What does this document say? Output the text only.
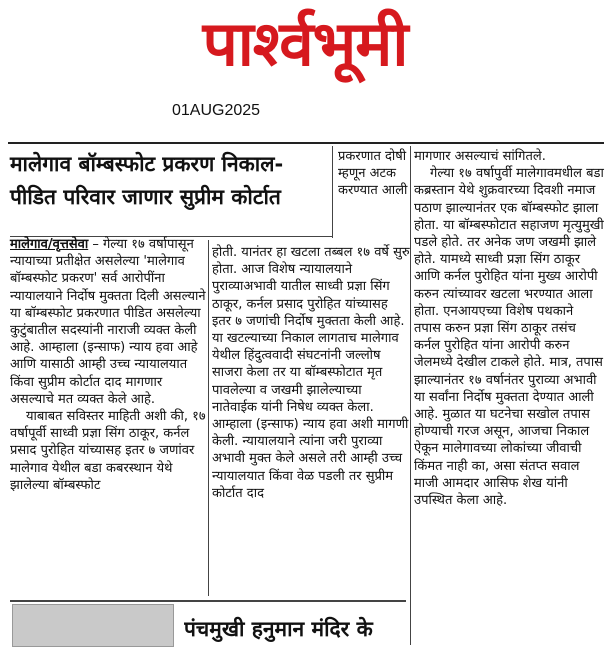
पार्श्वभूमी
01AUG2025
मालेगाव बॉम्बस्फोट प्रकरण निकाल-
पीडित परिवार जाणार सुप्रीम कोर्टात

मालेगाव/वृत्तसेवा – गेल्या १७ वर्षापासून न्यायाच्या प्रतीक्षेत असलेल्या 'मालेगाव बॉम्बस्फोट प्रकरण' सर्व आरोपींना न्यायालयाने निर्दोष मुक्तता दिली असल्याने या बॉम्बस्फोट प्रकरणात पीडित असलेल्या कुटुंबातील सदस्यांनी नाराजी व्यक्त केली आहे. आम्हाला (इन्साफ) न्याय हवा आहे आणि यासाठी आम्ही उच्च न्यायालयात किंवा सुप्रीम कोर्टात दाद मागणार असल्याचे मत व्यक्त केले आहे.

याबाबत सविस्तर माहिती अशी की, १७ वर्षापूर्वी साध्वी प्रज्ञा सिंग ठाकूर, कर्नल प्रसाद पुरोहित यांच्यासह इतर ७ जणांवर मालेगाव येथील बडा कबरस्थान येथे झालेल्या बॉम्बस्फोट

प्रकरणात दोषी म्हणून अटक करण्यात आली

होती. यानंतर हा खटला तब्बल १७ वर्षे सुरु होता. आज विशेष न्यायालयाने पुराव्याअभावी यातील साध्वी प्रज्ञा सिंग ठाकूर, कर्नल प्रसाद पुरोहित यांच्यासह इतर ७ जणांची निर्दोष मुक्तता केली आहे. या खटल्याच्या निकाल लागताच मालेगाव येथील हिंदुत्ववादी संघटनांनी जल्लोष साजरा केला तर या बॉम्बस्फोटात मृत पावलेल्या व जखमी झालेल्याच्या नातेवाईक यांनी निषेध व्यक्त केला. आम्हाला (इन्साफ) न्याय हवा अशी मागणी केली. न्यायालयाने त्यांना जरी पुराव्या अभावी मुक्त केले असले तरी आम्ही उच्च न्यायालयात किंवा वेळ पडली तर सुप्रीम कोर्टात दाद

मागणार असल्याचं सांगितले.

गेल्या १७ वर्षापुर्वी मालेगावमधील बडा कब्रस्तान येथे शुक्रवारच्या दिवशी नमाज पठाण झाल्यानंतर एक बॉम्बस्फोट झाला होता. या बॉम्बस्फोटात सहाजण मृत्युमुखी पडले होते. तर अनेक जण जखमी झाले होते. यामध्ये साध्वी प्रज्ञा सिंग ठाकूर आणि कर्नल पुरोहित यांना मुख्य आरोपी करुन त्यांच्यावर खटला भरण्यात आला होता. एनआयएच्या विशेष पथकाने तपास करुन प्रज्ञा सिंग ठाकूर तसंच कर्नल पुरोहित यांना आरोपी करुन जेलमध्ये देखील टाकले होते. मात्र, तपास झाल्यानंतर १७ वर्षानंतर पुराव्या अभावी या सर्वांना निर्दोष मुक्तता देण्यात आली आहे. मुळात या घटनेचा सखोल तपास होण्याची गरज असून, आजचा निकाल ऐकून मालेगावच्या लोकांच्या जीवाची किंमत नाही का, असा संतप्त सवाल माजी आमदार आसिफ शेख यांनी उपस्थित केला आहे.

पंचमुखी हनुमान मंदिर के
